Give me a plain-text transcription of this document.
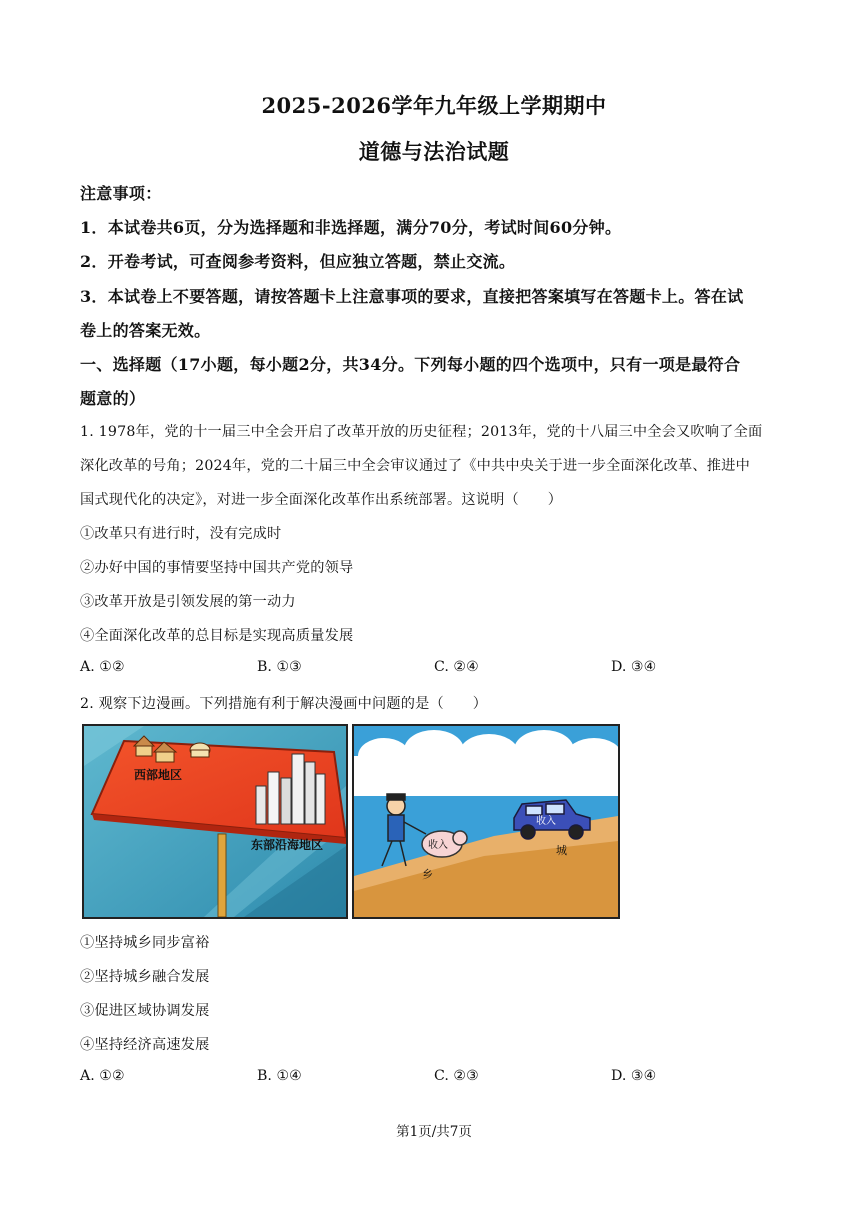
2025-2026学年九年级上学期期中
道德与法治试题
注意事项：
1．本试卷共6页，分为选择题和非选择题，满分70分，考试时间60分钟。
2．开卷考试，可查阅参考资料，但应独立答题，禁止交流。
3．本试卷上不要答题，请按答题卡上注意事项的要求，直接把答案填写在答题卡上。答在试
卷上的答案无效。
一、选择题（17小题，每小题2分，共34分。下列每小题的四个选项中，只有一项是最符合
题意的）
1. 1978年，党的十一届三中全会开启了改革开放的历史征程；2013年，党的十八届三中全会又吹响了全面
深化改革的号角；2024年，党的二十届三中全会审议通过了《中共中央关于进一步全面深化改革、推进中
国式现代化的决定》，对进一步全面深化改革作出系统部署。这说明（　　）
①改革只有进行时，没有完成时
②办好中国的事情要坚持中国共产党的领导
③改革开放是引领发展的第一动力
④全面深化改革的总目标是实现高质量发展
A. ①②	B. ①③	C. ②④	D. ③④
2. 观察下边漫画。下列措施有利于解决漫画中问题的是（　　）
西部地区
东部沿海地区
收入
收入	城
乡
①坚持城乡同步富裕
②坚持城乡融合发展
③促进区域协调发展
④坚持经济高速发展
A. ①②	B. ①④	C. ②③	D. ③④
第1页/共7页
